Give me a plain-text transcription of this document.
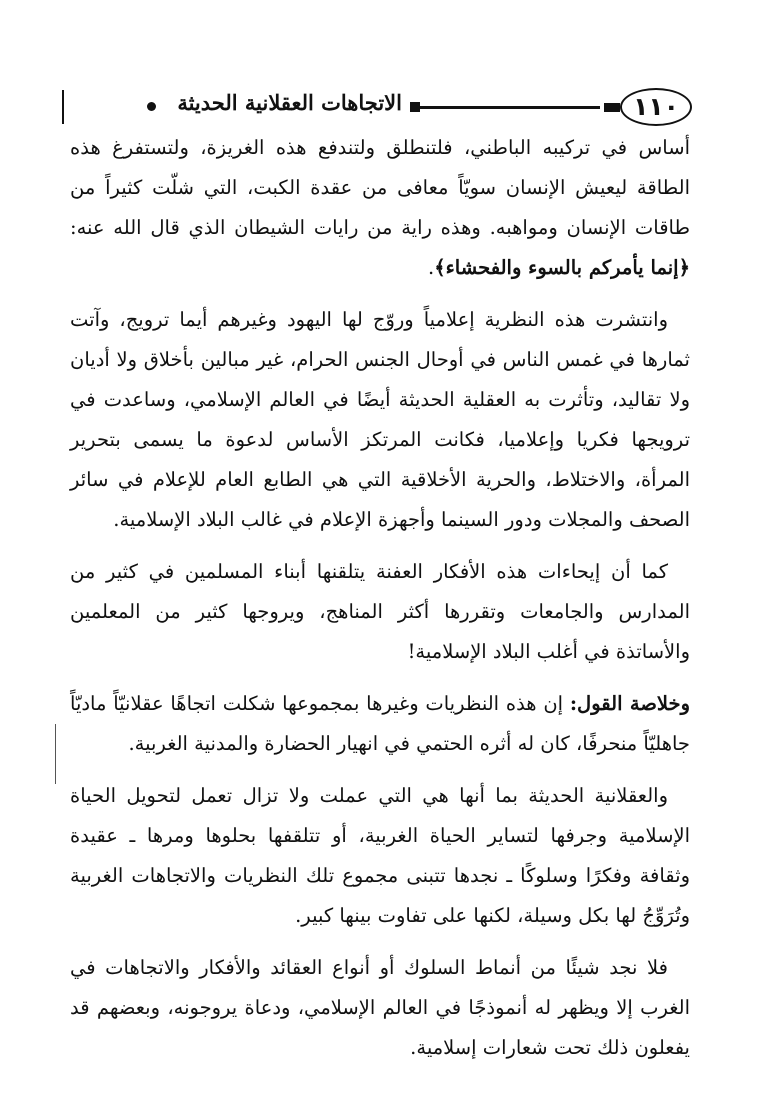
١١٠
الاتجاهات العقلانية الحديثة

أساس في تركيبه الباطني، فلتنطلق ولتندفع هذه الغريزة، ولتستفرغ هذه الطاقة ليعيش الإنسان سويّاً معافى من عقدة الكبت، التي شلّت كثيراً من طاقات الإنسان ومواهبه. وهذه راية من رايات الشيطان الذي قال الله عنه: ﴿إنما يأمركم بالسوء والفحشاء﴾.

وانتشرت هذه النظرية إعلامياً وروّج لها اليهود وغيرهم أيما ترويج، وآتت ثمارها في غمس الناس في أوحال الجنس الحرام، غير مبالين بأخلاق ولا أديان ولا تقاليد، وتأثرت به العقلية الحديثة أيضًا في العالم الإسلامي، وساعدت في ترويجها فكريا وإعلاميا، فكانت المرتكز الأساس لدعوة ما يسمى بتحرير المرأة، والاختلاط، والحرية الأخلاقية التي هي الطابع العام للإعلام في سائر الصحف والمجلات ودور السينما وأجهزة الإعلام في غالب البلاد الإسلامية.

كما أن إيحاءات هذه الأفكار العفنة يتلقنها أبناء المسلمين في كثير من المدارس والجامعات وتقررها أكثر المناهج، ويروجها كثير من المعلمين والأساتذة في أغلب البلاد الإسلامية!

وخلاصة القول: إن هذه النظريات وغيرها بمجموعها شكلت اتجاهًا عقلانيّاً ماديّاً جاهليّاً منحرفًا، كان له أثره الحتمي في انهيار الحضارة والمدنية الغربية.

والعقلانية الحديثة بما أنها هي التي عملت ولا تزال تعمل لتحويل الحياة الإسلامية وجرفها لتساير الحياة الغربية، أو تتلقفها بحلوها ومرها ـ عقيدة وثقافة وفكرًا وسلوكًا ـ نجدها تتبنى مجموع تلك النظريات والاتجاهات الغربية وتُرَوِّجُ لها بكل وسيلة، لكنها على تفاوت بينها كبير.

فلا نجد شيئًا من أنماط السلوك أو أنواع العقائد والأفكار والاتجاهات في الغرب إلا ويظهر له أنموذجًا في العالم الإسلامي، ودعاة يروجونه، وبعضهم قد يفعلون ذلك تحت شعارات إسلامية.
